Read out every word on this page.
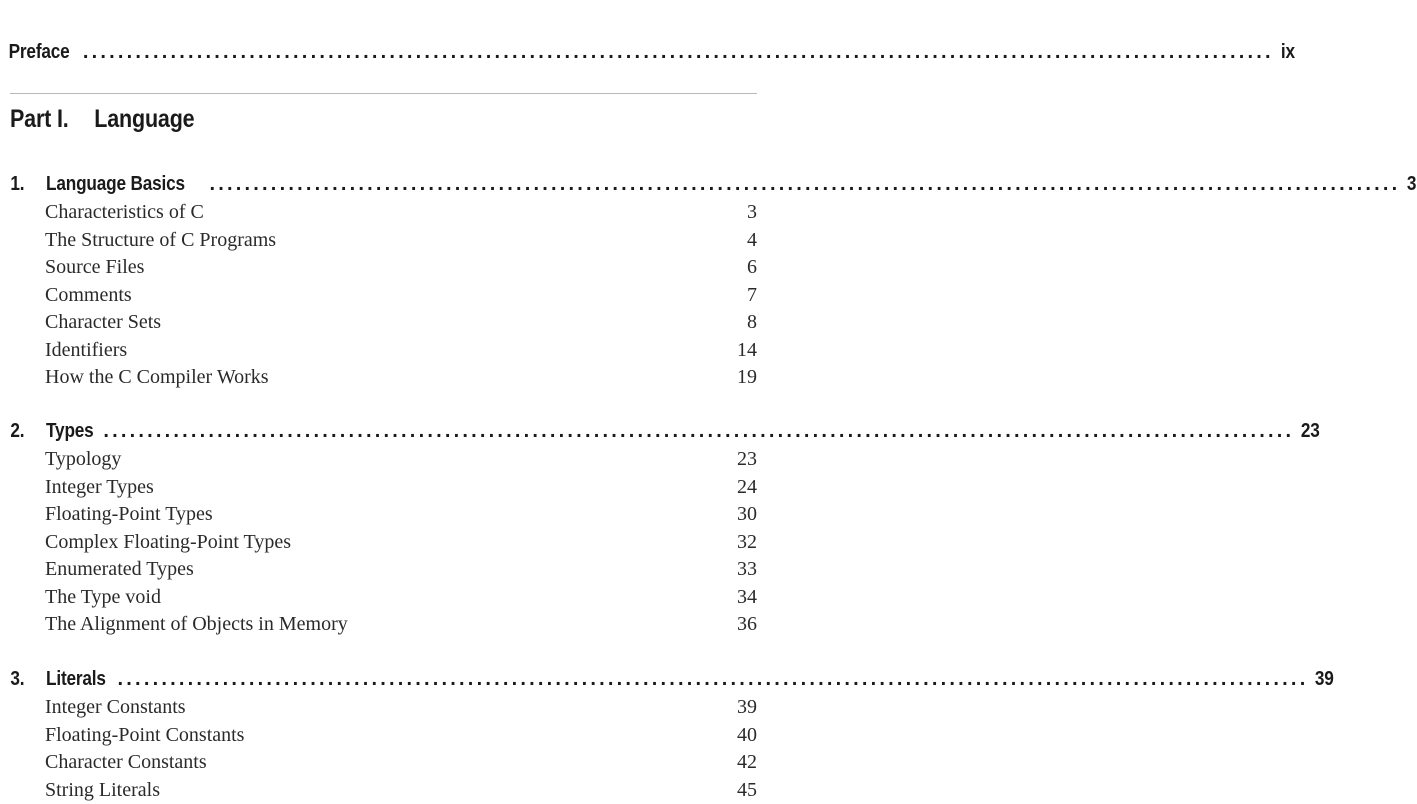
Preface ........................................................................................................................................ ix
Part I. Language
1.	Language Basics ........................................................................................................................................ 3
Characteristics of C	3
The Structure of C Programs	4
Source Files	6
Comments	7
Character Sets	8
Identifiers	14
How the C Compiler Works	19
2.	Types ........................................................................................................................................ 23
Typology	23
Integer Types	24
Floating-Point Types	30
Complex Floating-Point Types	32
Enumerated Types	33
The Type void	34
The Alignment of Objects in Memory	36
3.	Literals ........................................................................................................................................ 39
Integer Constants	39
Floating-Point Constants	40
Character Constants	42
String Literals	45
